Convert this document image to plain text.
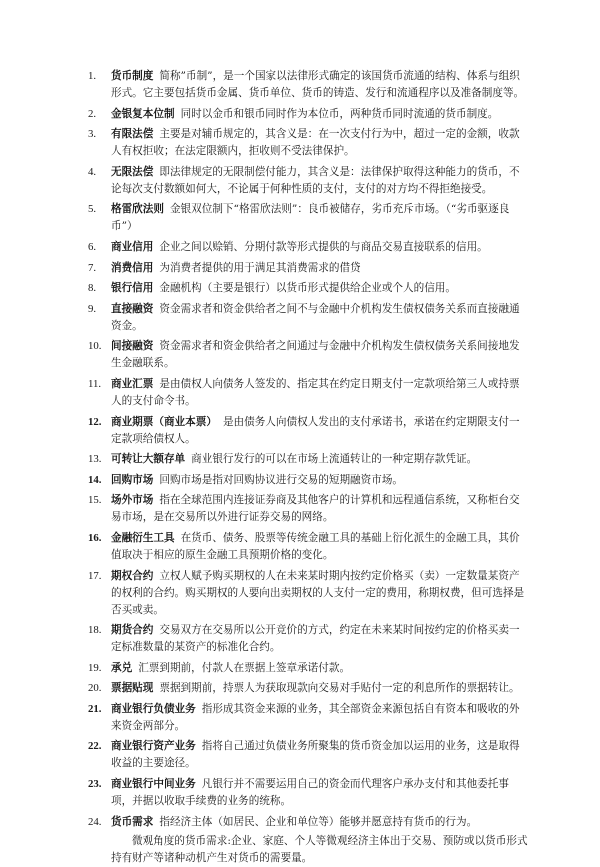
1.	货币制度 简称”币制”，是一个国家以法律形式确定的该国货币流通的结构、体系与组织形式。它主要包括货币金属、货币单位、货币的铸造、发行和流通程序以及准备制度等。
2.	金银复本位制 同时以金币和银币同时作为本位币，两种货币同时流通的货币制度。
3.	有限法偿 主要是对辅币规定的，其含义是：在一次支付行为中，超过一定的金额，收款人有权拒收；在法定限额内，拒收则不受法律保护。
4.	无限法偿 即法律规定的无限制偿付能力，其含义是：法律保护取得这种能力的货币，不论每次支付数额如何大，不论属于何种性质的支付，支付的对方均不得拒绝接受。
5.	格雷欣法则 金银双位制下“格雷欣法则”：良币被储存，劣币充斥市场。（“劣币驱逐良币”）
6.	商业信用 企业之间以赊销、分期付款等形式提供的与商品交易直接联系的信用。
7.	消费信用 为消费者提供的用于满足其消费需求的借贷
8.	银行信用 金融机构（主要是银行）以货币形式提供给企业或个人的信用。
9.	直接融资 资金需求者和资金供给者之间不与金融中介机构发生债权债务关系而直接融通资金。
10. 间接融资 资金需求者和资金供给者之间通过与金融中介机构发生债权债务关系间接地发生金融联系。
11. 商业汇票 是由债权人向债务人签发的、指定其在约定日期支付一定款项给第三人或持票人的支付命令书。
12. 商业期票（商业本票） 是由债务人向债权人发出的支付承诺书，承诺在约定期限支付一定款项给债权人。
13. 可转让大额存单 商业银行发行的可以在市场上流通转让的一种定期存款凭证。
14. 回购市场 回购市场是指对回购协议进行交易的短期融资市场。
15. 场外市场 指在全球范围内连接证券商及其他客户的计算机和远程通信系统，又称柜台交易市场，是在交易所以外进行证券交易的网络。
16. 金融衍生工具 在货币、债务、股票等传统金融工具的基础上衍化派生的金融工具，其价值取决于相应的原生金融工具预期价格的变化。
17. 期权合约 立权人赋予购买期权的人在未来某时期内按约定价格买（卖）一定数量某资产的权利的合约。购买期权的人要向出卖期权的人支付一定的费用，称期权费，但可选择是否买或卖。
18. 期货合约 交易双方在交易所以公开竞价的方式，约定在未来某时间按约定的价格买卖一定标准数量的某资产的标准化合约。
19. 承兑 汇票到期前，付款人在票据上签章承诺付款。
20. 票据贴现 票据到期前，持票人为获取现款向交易对手贴付一定的利息所作的票据转让。
21. 商业银行负债业务 指形成其资金来源的业务，其全部资金来源包括自有资本和吸收的外来资金两部分。
22. 商业银行资产业务 指将自己通过负债业务所聚集的货币资金加以运用的业务，这是取得收益的主要途径。
23. 商业银行中间业务 凡银行并不需要运用自己的资金而代理客户承办支付和其他委托事项，并据以收取手续费的业务的统称。
24. 货币需求 指经济主体（如居民、企业和单位等）能够并愿意持有货币的行为。
微观角度的货币需求:企业、家庭、个人等微观经济主体出于交易、预防或以货币形式持有财产等诸种动机产生对货币的需要量。
